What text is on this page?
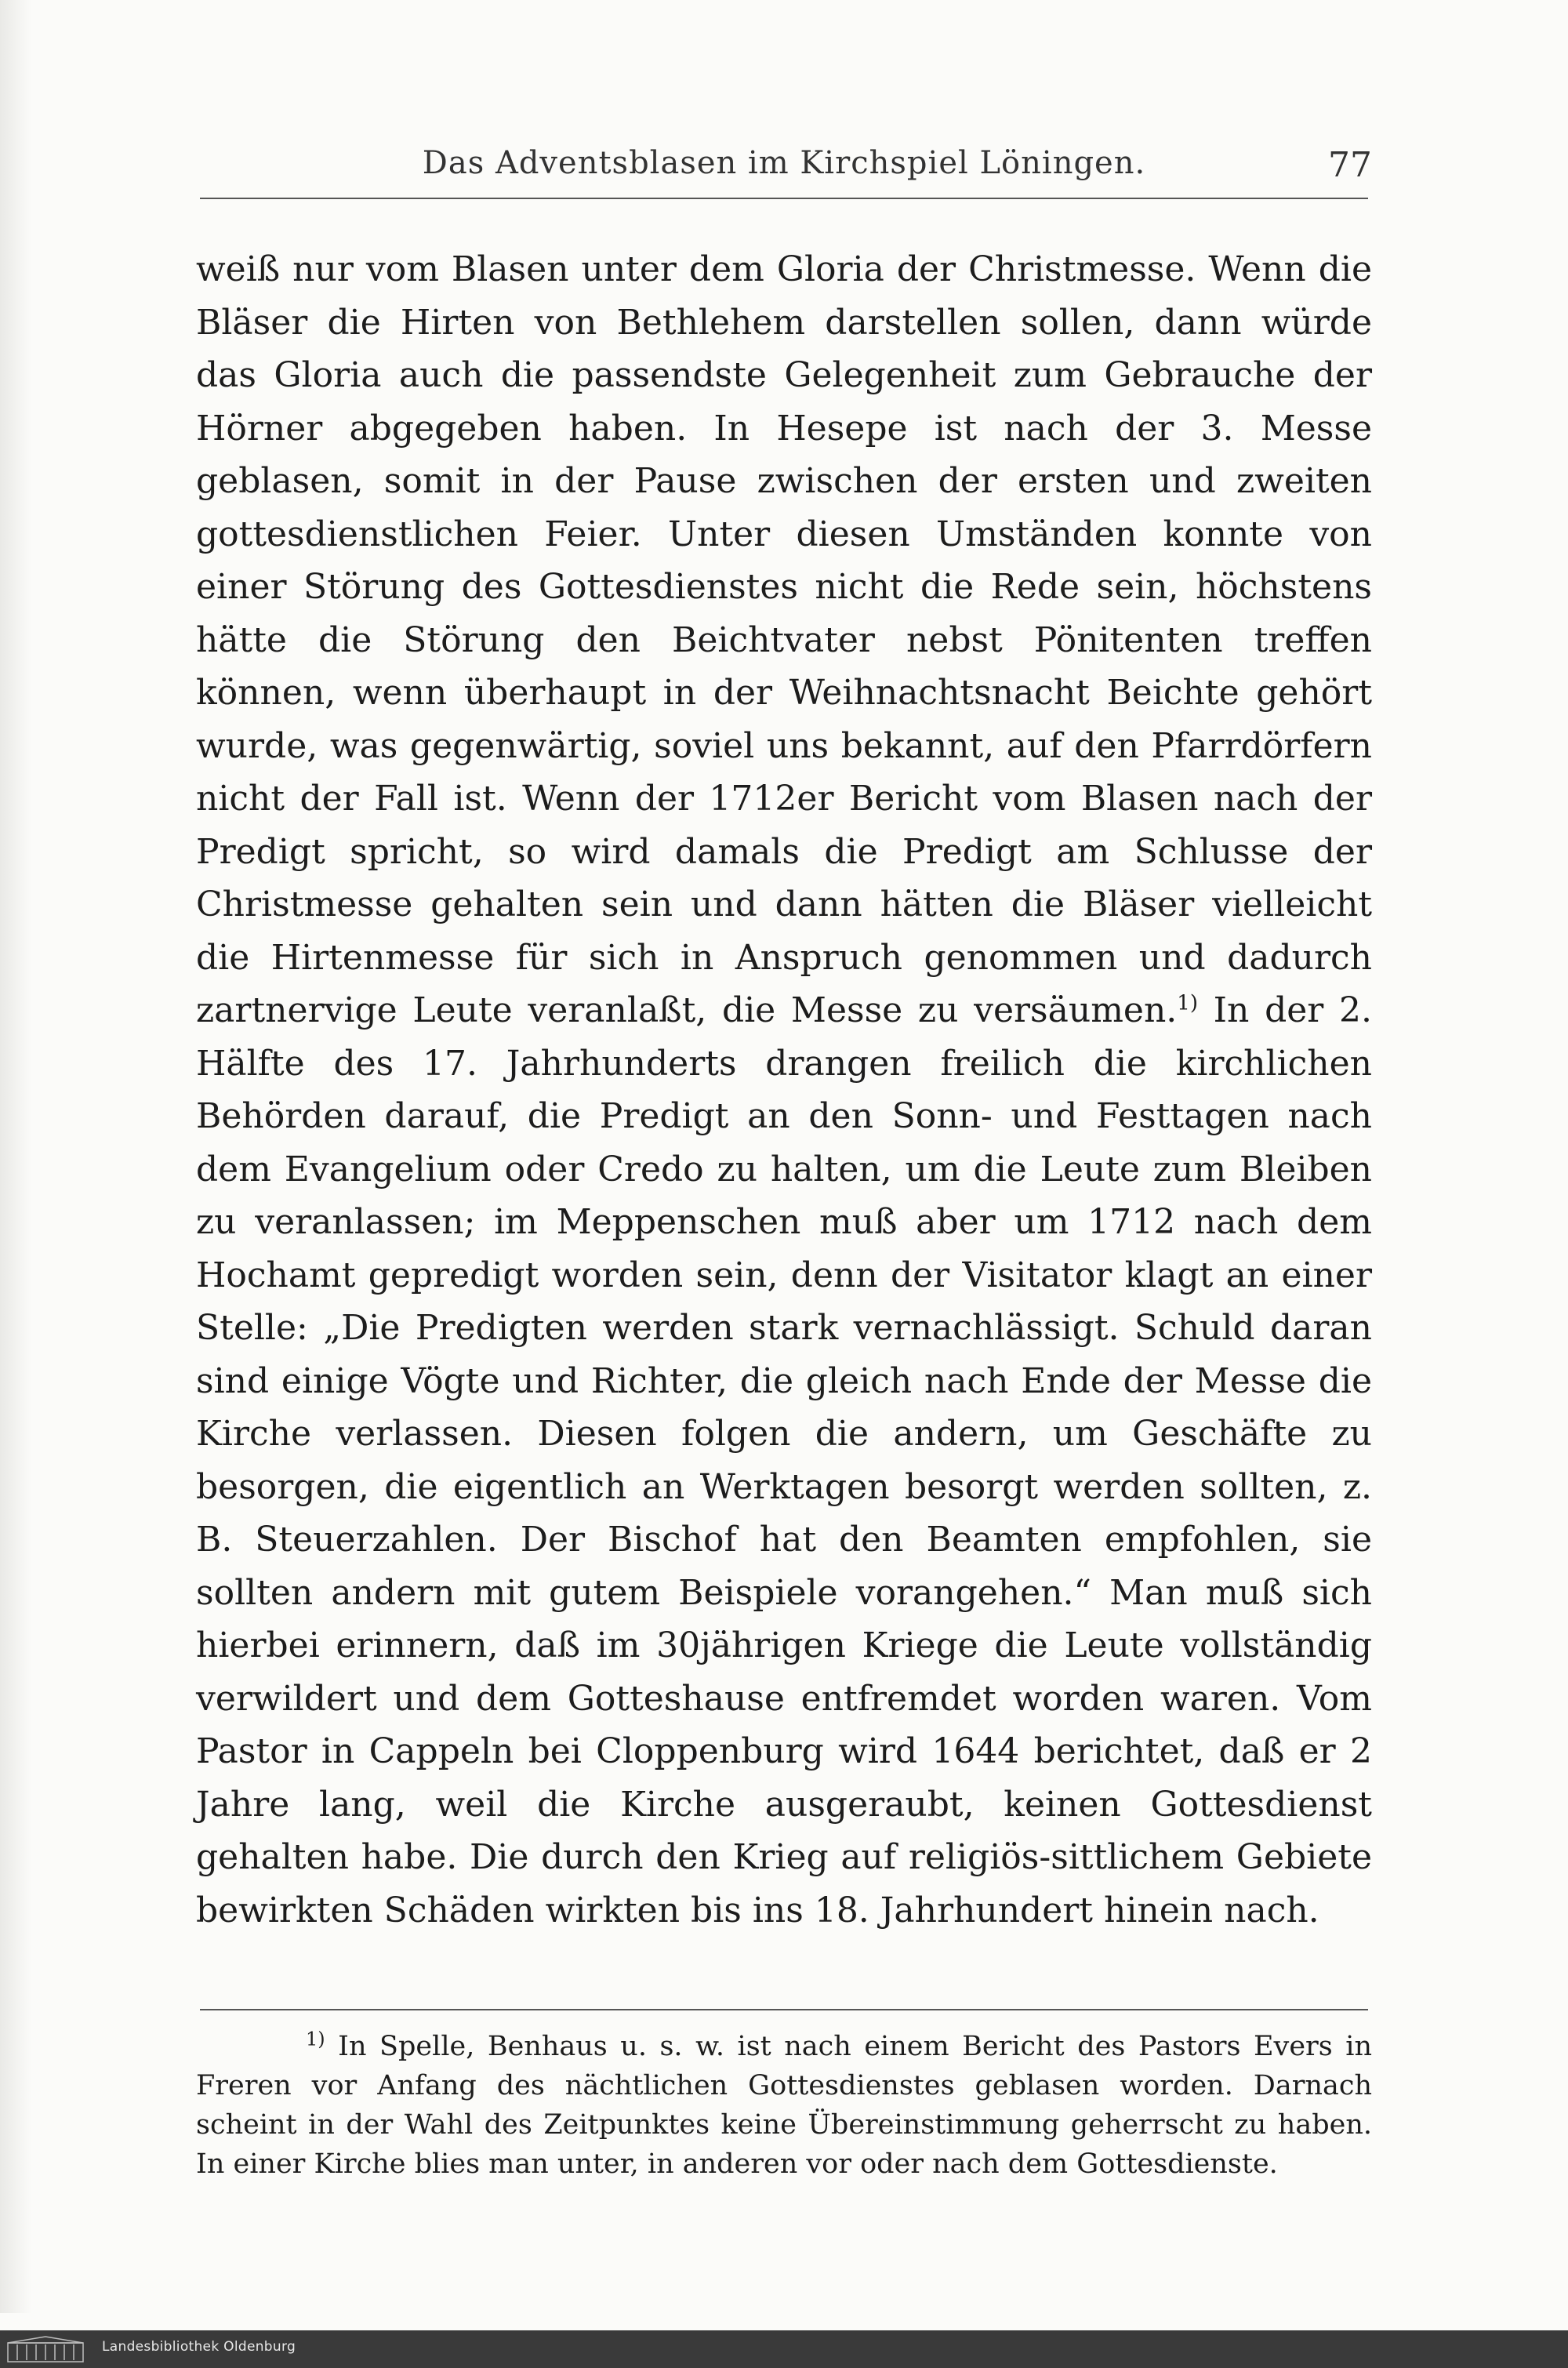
Das Adventsblasen im Kirchspiel Löningen.	77

weiß nur vom Blasen unter dem Gloria der Christmesse. Wenn die Bläser die Hirten von Bethlehem darstellen sollen, dann würde das Gloria auch die passendste Gelegenheit zum Gebrauche der Hörner abgegeben haben. In Hesepe ist nach der 3. Messe geblasen, somit in der Pause zwischen der ersten und zweiten gottesdienstlichen Feier. Unter diesen Umständen konnte von einer Störung des Gottesdienstes nicht die Rede sein, höchstens hätte die Störung den Beichtvater nebst Pönitenten treffen können, wenn überhaupt in der Weihnachtsnacht Beichte gehört wurde, was gegenwärtig, soviel uns bekannt, auf den Pfarrdörfern nicht der Fall ist. Wenn der 1712er Bericht vom Blasen nach der Predigt spricht, so wird damals die Predigt am Schlusse der Christmesse gehalten sein und dann hätten die Bläser vielleicht die Hirtenmesse für sich in Anspruch genommen und dadurch zartnervige Leute veranlaßt, die Messe zu versäumen.$^{1)}$ In der 2. Hälfte des 17. Jahrhunderts drangen freilich die kirchlichen Behörden darauf, die Predigt an den Sonn- und Festtagen nach dem Evangelium oder Credo zu halten, um die Leute zum Bleiben zu veranlassen; im Meppenschen muß aber um 1712 nach dem Hochamt gepredigt worden sein, denn der Visitator klagt an einer Stelle: „Die Predigten werden stark vernachlässigt. Schuld daran sind einige Vögte und Richter, die gleich nach Ende der Messe die Kirche verlassen. Diesen folgen die andern, um Geschäfte zu besorgen, die eigentlich an Werktagen besorgt werden sollten, z. B. Steuerzahlen. Der Bischof hat den Beamten empfohlen, sie sollten andern mit gutem Beispiele vorangehen.“ Man muß sich hierbei erinnern, daß im 30jährigen Kriege die Leute vollständig verwildert und dem Gotteshause entfremdet worden waren. Vom Pastor in Cappeln bei Cloppenburg wird 1644 berichtet, daß er 2 Jahre lang, weil die Kirche ausgeraubt, keinen Gottesdienst gehalten habe. Die durch den Krieg auf religiös-sittlichem Gebiete bewirkten Schäden wirkten bis ins 18. Jahrhundert hinein nach.

$^{1)}$ In Spelle, Benhaus u. s. w. ist nach einem Bericht des Pastors Evers in Freren vor Anfang des nächtlichen Gottesdienstes geblasen worden. Darnach scheint in der Wahl des Zeitpunktes keine Übereinstimmung geherrscht zu haben. In einer Kirche blies man unter, in anderen vor oder nach dem Gottesdienste.

Landesbibliothek Oldenburg
